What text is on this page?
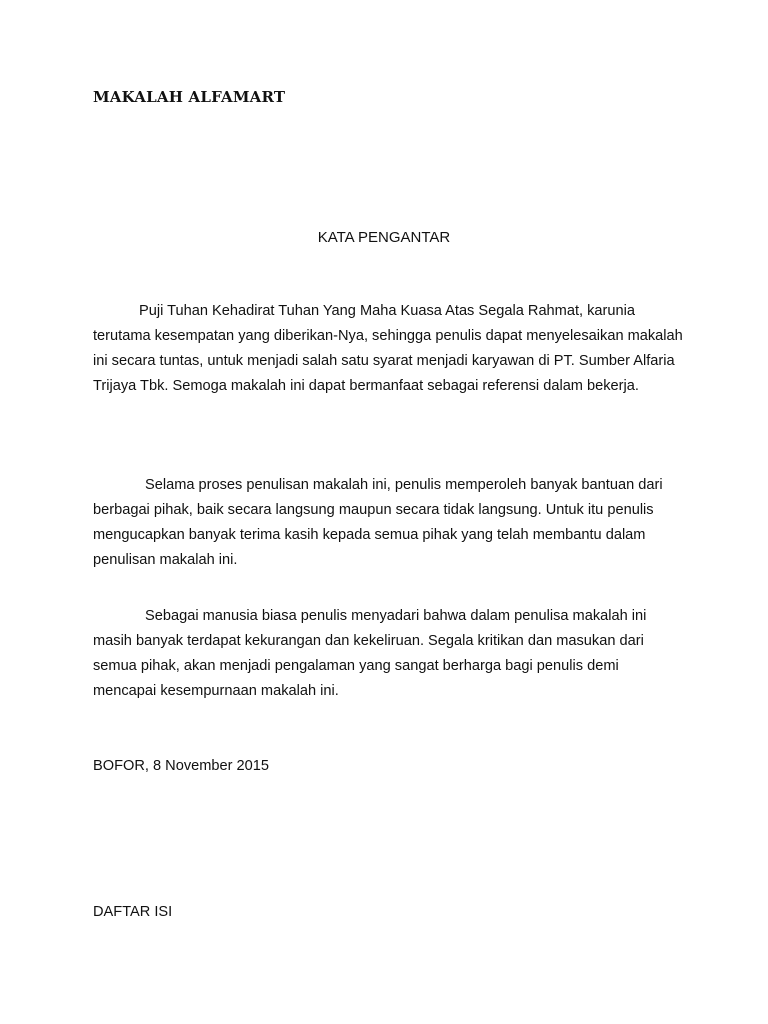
MAKALAH ALFAMART
KATA PENGANTAR

Puji Tuhan Kehadirat Tuhan Yang Maha Kuasa Atas Segala Rahmat, karunia terutama kesempatan yang diberikan-Nya, sehingga penulis dapat menyelesaikan makalah ini secara tuntas, untuk menjadi salah satu syarat menjadi karyawan di PT. Sumber Alfaria Trijaya Tbk. Semoga makalah ini dapat bermanfaat sebagai referensi dalam bekerja.

Selama proses penulisan makalah ini, penulis memperoleh banyak bantuan dari berbagai pihak, baik secara langsung maupun secara tidak langsung. Untuk itu penulis mengucapkan banyak terima kasih kepada semua pihak yang telah membantu dalam penulisan makalah ini.

Sebagai manusia biasa penulis menyadari bahwa dalam penulisa makalah ini masih banyak terdapat kekurangan dan kekeliruan. Segala kritikan dan masukan dari semua pihak, akan menjadi pengalaman yang sangat berharga bagi penulis demi mencapai kesempurnaan makalah ini.

BOFOR, 8 November 2015

DAFTAR ISI
